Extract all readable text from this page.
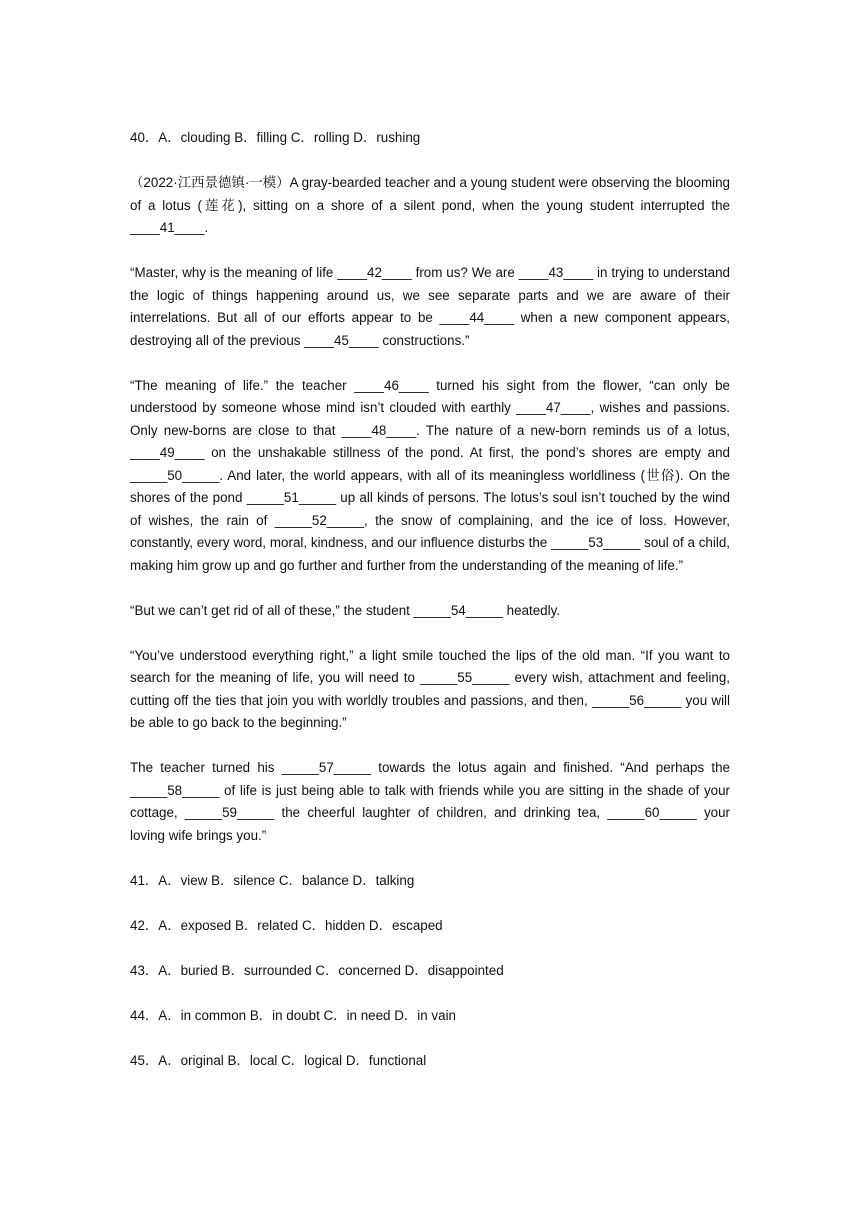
40．A．clouding B．filling C．rolling D．rushing

（2022·江西景德镇·一模）A gray-bearded teacher and a young student were observing the blooming of a lotus (莲花), sitting on a shore of a silent pond, when the young student interrupted the ____41____.

“Master, why is the meaning of life ____42____ from us? We are ____43____ in trying to understand the logic of things happening around us, we see separate parts and we are aware of their interrelations. But all of our efforts appear to be ____44____ when a new component appears, destroying all of the previous ____45____ constructions.”

“The meaning of life.” the teacher ____46____ turned his sight from the flower, “can only be understood by someone whose mind isn’t clouded with earthly ____47____, wishes and passions. Only new-borns are close to that ____48____. The nature of a new-born reminds us of a lotus, ____49____ on the unshakable stillness of the pond. At first, the pond’s shores are empty and _____50_____. And later, the world appears, with all of its meaningless worldliness (世俗). On the shores of the pond _____51_____ up all kinds of persons. The lotus’s soul isn’t touched by the wind of wishes, the rain of _____52_____, the snow of complaining, and the ice of loss. However, constantly, every word, moral, kindness, and our influence disturbs the _____53_____ soul of a child, making him grow up and go further and further from the understanding of the meaning of life.”

“But we can’t get rid of all of these,” the student _____54_____ heatedly.

“You’ve understood everything right,” a light smile touched the lips of the old man. “If you want to search for the meaning of life, you will need to _____55_____ every wish, attachment and feeling, cutting off the ties that join you with worldly troubles and passions, and then, _____56_____ you will be able to go back to the beginning.”

The teacher turned his _____57_____ towards the lotus again and finished. “And perhaps the _____58_____ of life is just being able to talk with friends while you are sitting in the shade of your cottage, _____59_____ the cheerful laughter of children, and drinking tea, _____60_____ your loving wife brings you.”

41．A．view B．silence C．balance D．talking

42．A．exposed B．related C．hidden D．escaped

43．A．buried B．surrounded C．concerned D．disappointed

44．A．in common B．in doubt C．in need D．in vain

45．A．original B．local C．logical D．functional
